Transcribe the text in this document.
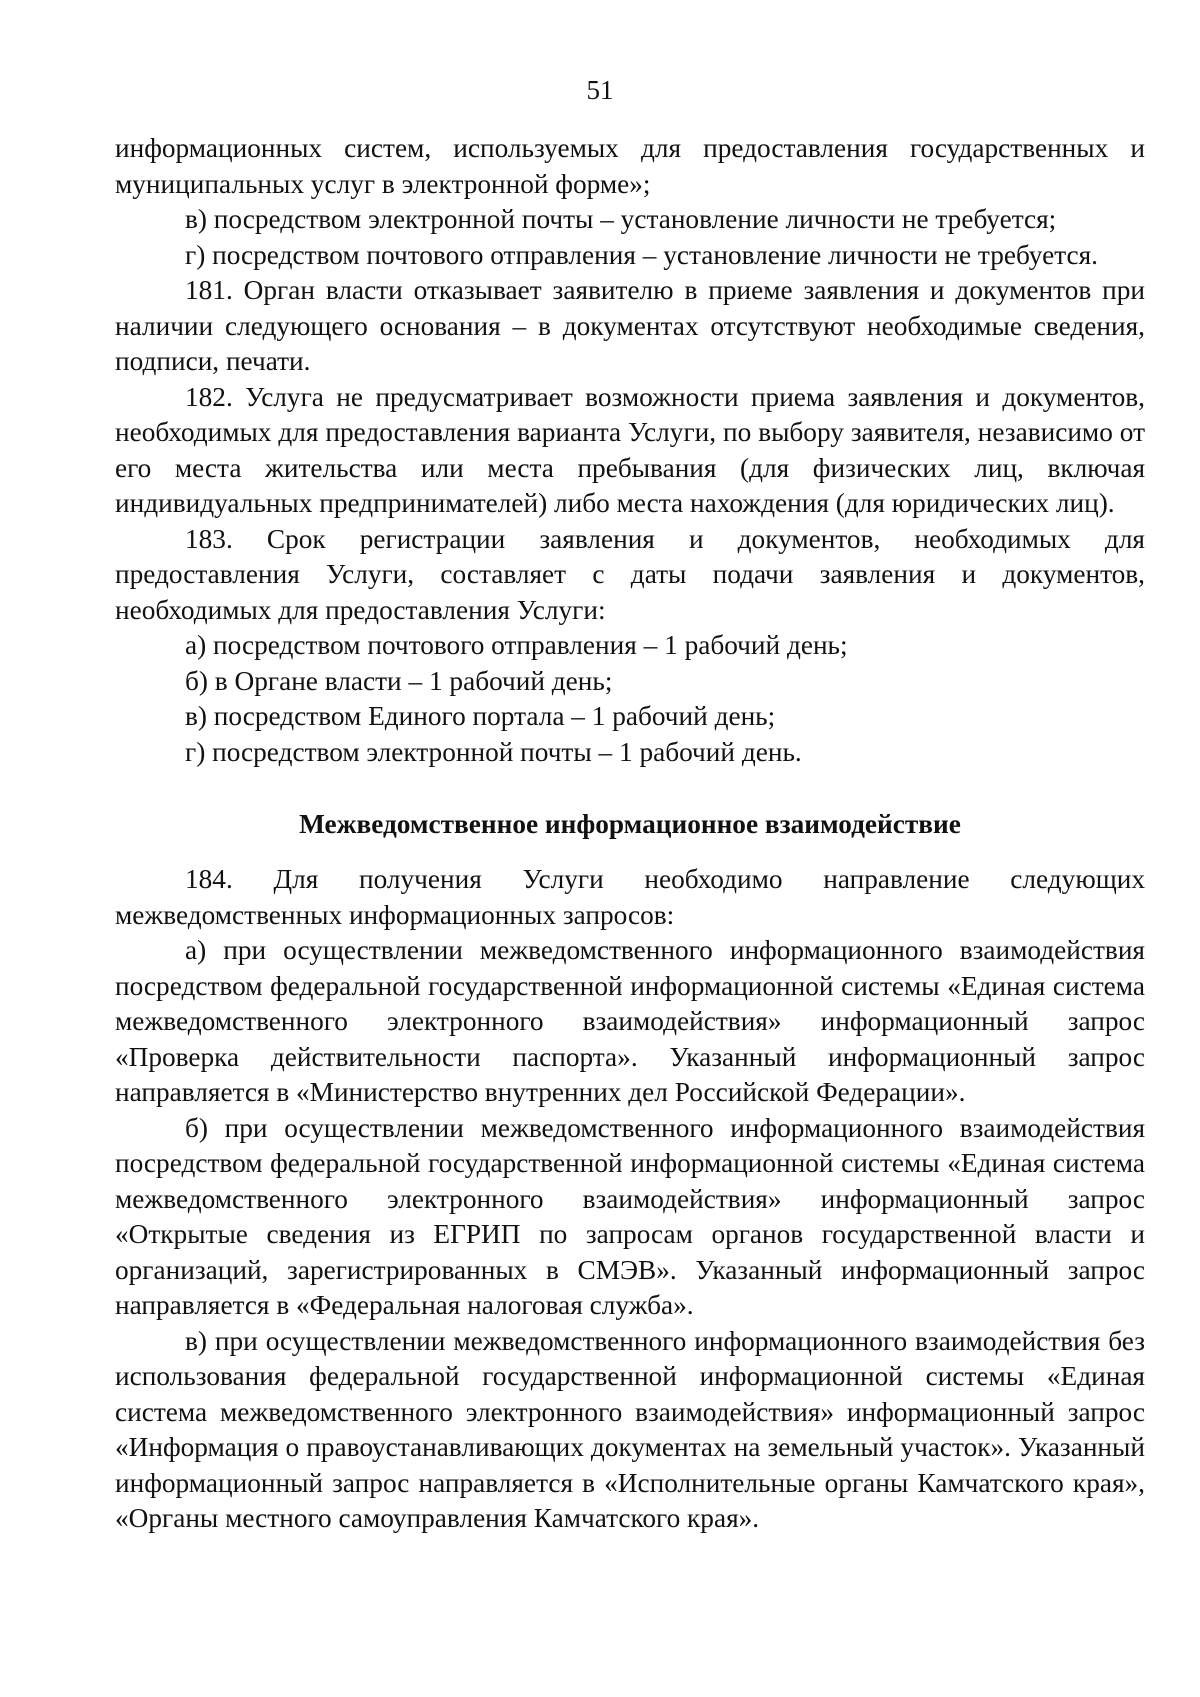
51

информационных систем, используемых для предоставления государственных и муниципальных услуг в электронной форме»;

в) посредством электронной почты – установление личности не требуется;

г) посредством почтового отправления – установление личности не требуется.

181. Орган власти отказывает заявителю в приеме заявления и документов при наличии следующего основания – в документах отсутствуют необходимые сведения, подписи, печати.

182. Услуга не предусматривает возможности приема заявления и документов, необходимых для предоставления варианта Услуги, по выбору заявителя, независимо от его места жительства или места пребывания (для физических лиц, включая индивидуальных предпринимателей) либо места нахождения (для юридических лиц).

183. Срок регистрации заявления и документов, необходимых для предоставления Услуги, составляет с даты подачи заявления и документов, необходимых для предоставления Услуги:

а) посредством почтового отправления – 1 рабочий день;

б) в Органе власти – 1 рабочий день;

в) посредством Единого портала – 1 рабочий день;

г) посредством электронной почты – 1 рабочий день.

Межведомственное информационное взаимодействие

184. Для получения Услуги необходимо направление следующих межведомственных информационных запросов:

а) при осуществлении межведомственного информационного взаимодействия посредством федеральной государственной информационной системы «Единая система межведомственного электронного взаимодействия» информационный запрос «Проверка действительности паспорта». Указанный информационный запрос направляется в «Министерство внутренних дел Российской Федерации».

б) при осуществлении межведомственного информационного взаимодействия посредством федеральной государственной информационной системы «Единая система межведомственного электронного взаимодействия» информационный запрос «Открытые сведения из ЕГРИП по запросам органов государственной власти и организаций, зарегистрированных в СМЭВ». Указанный информационный запрос направляется в «Федеральная налоговая служба».

в) при осуществлении межведомственного информационного взаимодействия без использования федеральной государственной информационной системы «Единая система межведомственного электронного взаимодействия» информационный запрос «Информация о правоустанавливающих документах на земельный участок». Указанный информационный запрос направляется в «Исполнительные органы Камчатского края», «Органы местного самоуправления Камчатского края».
